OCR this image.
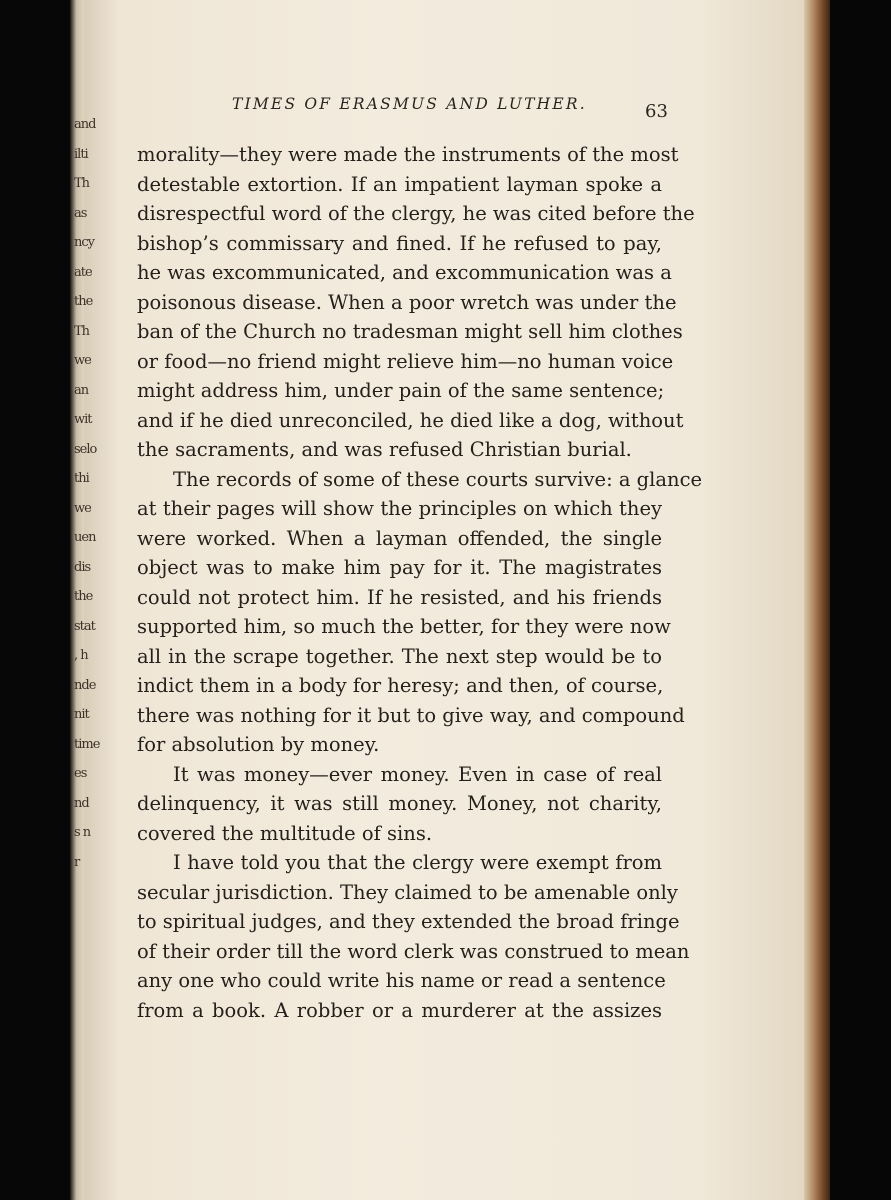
and
ilti
Th
as
ncy
ate
the
Th
we
an
wit
selo
thi
we
uen
dis
the
stat
, h
nde
nit
time
es
nd
s n
r
TIMES OF ERASMUS AND LUTHER.	63
morality—they were made the instruments of the most
detestable extortion. If an impatient layman spoke a
disrespectful word of the clergy, he was cited before the
bishop’s commissary and fined. If he refused to pay,
he was excommunicated, and excommunication was a
poisonous disease. When a poor wretch was under the
ban of the Church no tradesman might sell him clothes
or food—no friend might relieve him—no human voice
might address him, under pain of the same sentence;
and if he died unreconciled, he died like a dog, without
the sacraments, and was refused Christian burial.
The records of some of these courts survive: a glance
at their pages will show the principles on which they
were worked. When a layman offended, the single
object was to make him pay for it. The magistrates
could not protect him. If he resisted, and his friends
supported him, so much the better, for they were now
all in the scrape together. The next step would be to
indict them in a body for heresy; and then, of course,
there was nothing for it but to give way, and compound
for absolution by money.
It was money—ever money. Even in case of real
delinquency, it was still money. Money, not charity,
covered the multitude of sins.
I have told you that the clergy were exempt from
secular jurisdiction. They claimed to be amenable only
to spiritual judges, and they extended the broad fringe
of their order till the word clerk was construed to mean
any one who could write his name or read a sentence
from a book. A robber or a murderer at the assizes
